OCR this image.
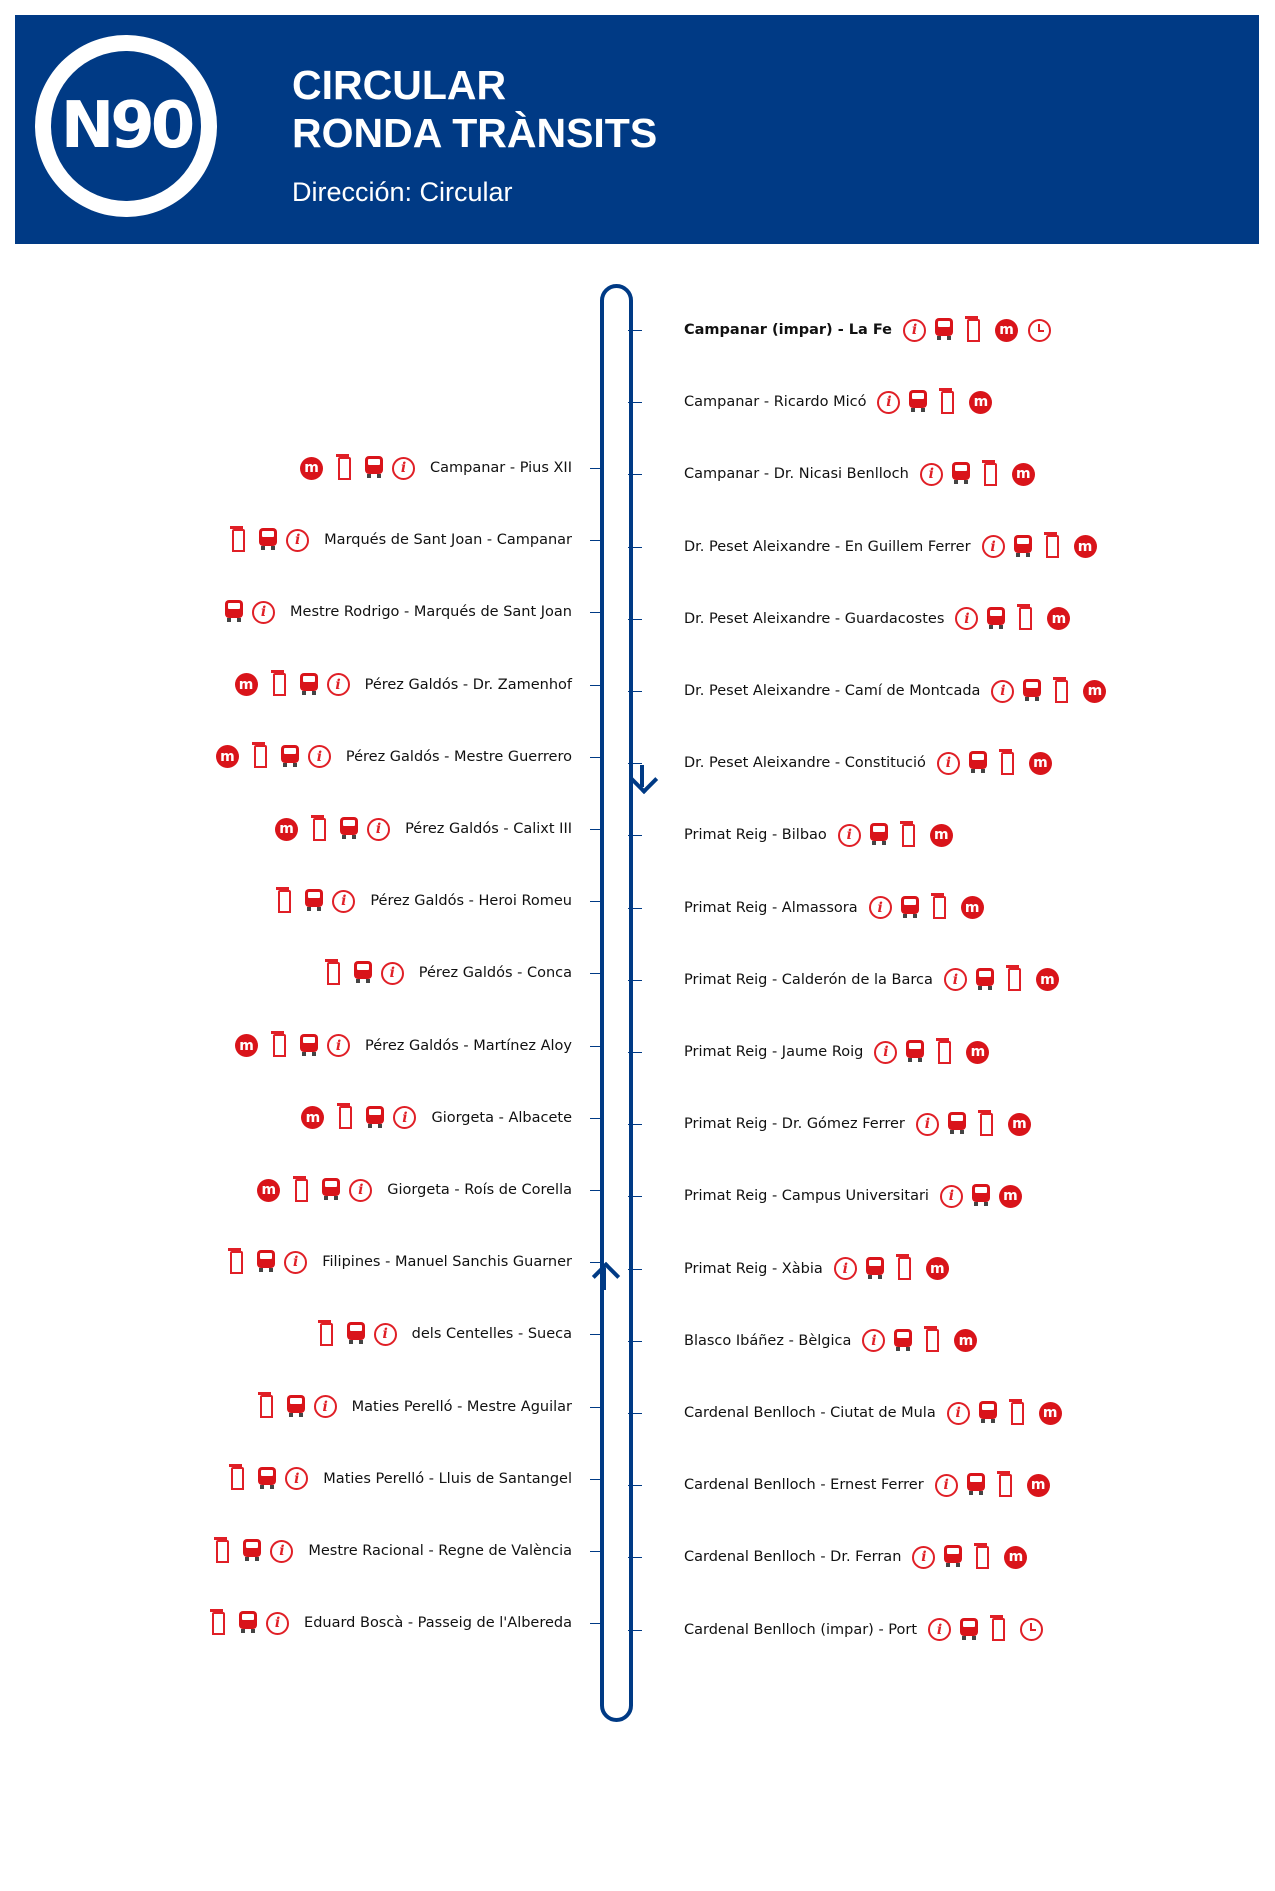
N90
CIRCULAR
RONDA TRÀNSITS
Dirección: Circular
Campanar (impar) - La Fe	i	m
Campanar - Ricardo Micó	i	m
Campanar - Dr. Nicasi Benlloch	i	m
Dr. Peset Aleixandre - En Guillem Ferrer	i	m
Dr. Peset Aleixandre - Guardacostes	i	m
Dr. Peset Aleixandre - Camí de Montcada	i	m
Dr. Peset Aleixandre - Constitució	i	m
Primat Reig - Bilbao	i	m
Primat Reig - Almassora	i	m
Primat Reig - Calderón de la Barca	i	m
Primat Reig - Jaume Roig	i	m
Primat Reig - Dr. Gómez Ferrer	i	m
Primat Reig - Campus Universitari	i	m
Primat Reig - Xàbia	i	m
Blasco Ibáñez - Bèlgica	i	m
Cardenal Benlloch - Ciutat de Mula	i	m
Cardenal Benlloch - Ernest Ferrer	i	m
Cardenal Benlloch - Dr. Ferran	i	m
Cardenal Benlloch (impar) - Port	i
m	i	Campanar - Pius XII
i	Marqués de Sant Joan - Campanar
i	Mestre Rodrigo - Marqués de Sant Joan
m	i	Pérez Galdós - Dr. Zamenhof
m	i	Pérez Galdós - Mestre Guerrero
m	i	Pérez Galdós - Calixt III
i	Pérez Galdós - Heroi Romeu
i	Pérez Galdós - Conca
m	i	Pérez Galdós - Martínez Aloy
m	i	Giorgeta - Albacete
m	i	Giorgeta - Roís de Corella
i	Filipines - Manuel Sanchis Guarner
i	dels Centelles - Sueca
i	Maties Perelló - Mestre Aguilar
i	Maties Perelló - Lluis de Santangel
i	Mestre Racional - Regne de València
i	Eduard Boscà - Passeig de l'Albereda
